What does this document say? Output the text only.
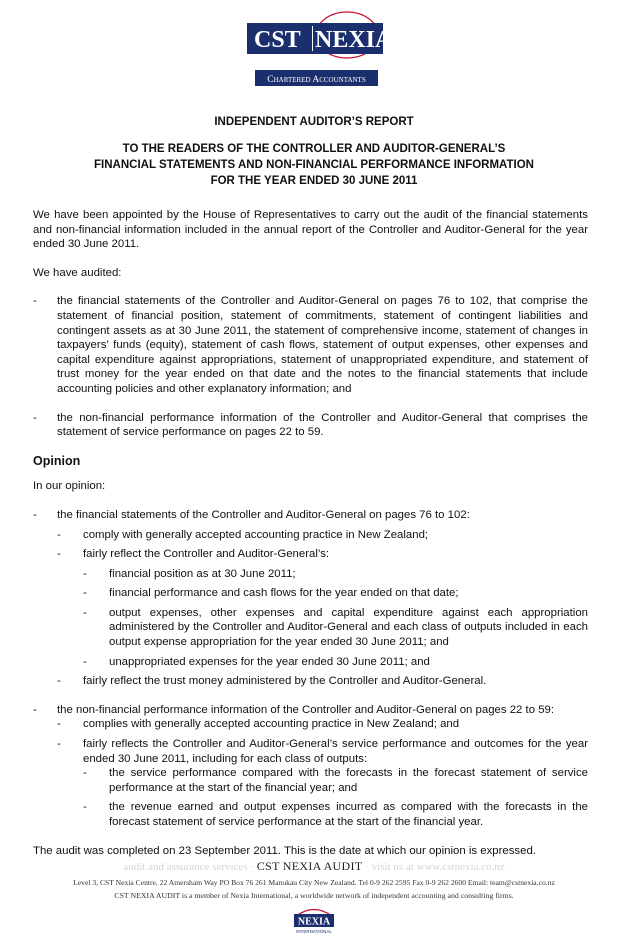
CST NEXIA
Chartered Accountants

INDEPENDENT AUDITOR’S REPORT

TO THE READERS OF THE CONTROLLER AND AUDITOR-GENERAL’S
FINANCIAL STATEMENTS AND NON-FINANCIAL PERFORMANCE INFORMATION
FOR THE YEAR ENDED 30 JUNE 2011

We have been appointed by the House of Representatives to carry out the audit of the financial statements and non-financial information included in the annual report of the Controller and Auditor-General for the year ended 30 June 2011.

We have audited:

- the financial statements of the Controller and Auditor-General on pages 76 to 102, that comprise the statement of financial position, statement of commitments, statement of contingent liabilities and contingent assets as at 30 June 2011, the statement of comprehensive income, statement of changes in taxpayers’ funds (equity), statement of cash flows, statement of output expenses, other expenses and capital expenditure against appropriations, statement of unappropriated expenditure, and statement of trust money for the year ended on that date and the notes to the financial statements that include accounting policies and other explanatory information; and
- the non-financial performance information of the Controller and Auditor-General that comprises the statement of service performance on pages 22 to 59.

Opinion

In our opinion:

- the financial statements of the Controller and Auditor-General on pages 76 to 102:
- comply with generally accepted accounting practice in New Zealand;
- fairly reflect the Controller and Auditor-General’s:
- financial position as at 30 June 2011;
- financial performance and cash flows for the year ended on that date;
- output expenses, other expenses and capital expenditure against each appropriation administered by the Controller and Auditor-General and each class of outputs included in each output expense appropriation for the year ended 30 June 2011; and
- unappropriated expenses for the year ended 30 June 2011; and
- fairly reflect the trust money administered by the Controller and Auditor-General.
- the non-financial performance information of the Controller and Auditor-General on pages 22 to 59:
- complies with generally accepted accounting practice in New Zealand; and
- fairly reflects the Controller and Auditor-General’s service performance and outcomes for the year ended 30 June 2011, including for each class of outputs:
- the service performance compared with the forecasts in the forecast statement of service performance at the start of the financial year; and
- the revenue earned and output expenses incurred as compared with the forecasts in the forecast statement of service performance at the start of the financial year.

The audit was completed on 23 September 2011. This is the date at which our opinion is expressed.

audit and assurance services · CST NEXIA AUDIT · visit us at www.cstnexia.co.nz
Level 3, CST Nexia Centre, 22 Amersham Way PO Box 76 261 Manukau City New Zealand. Tel 0-9 262 2595 Fax 0-9 262 2600 Email: team@cstnexia.co.nz
CST NEXIA AUDIT is a member of Nexia International, a worldwide network of independent accounting and consulting firms.
NEXIA
INTERNATIONAL
